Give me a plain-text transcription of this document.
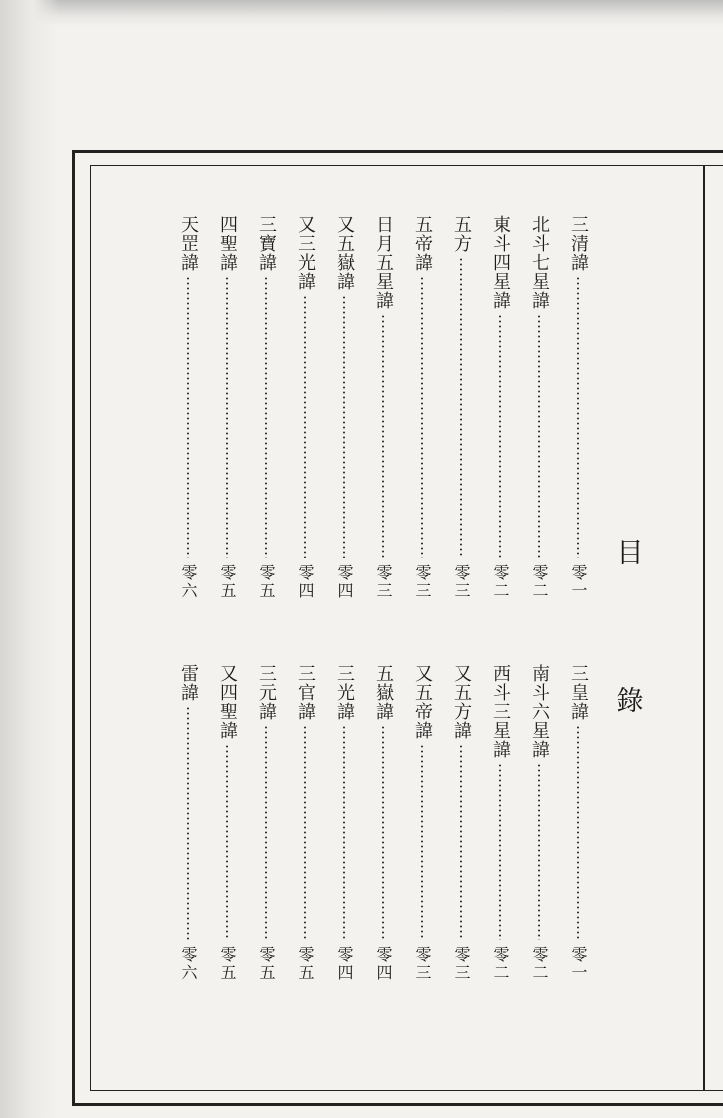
目
錄
三清諱
零一
北斗七星諱
零二
東斗四星諱
零二
五方
零三
五帝諱
零三
日月五星諱
零三
又五嶽諱
零四
又三光諱
零四
三寶諱
零五
四聖諱
零五
天罡諱
零六
三皇諱
零一
南斗六星諱
零二
西斗三星諱
零二
又五方諱
零三
又五帝諱
零三
五嶽諱
零四
三光諱
零四
三官諱
零五
三元諱
零五
又四聖諱
零五
雷諱
零六
